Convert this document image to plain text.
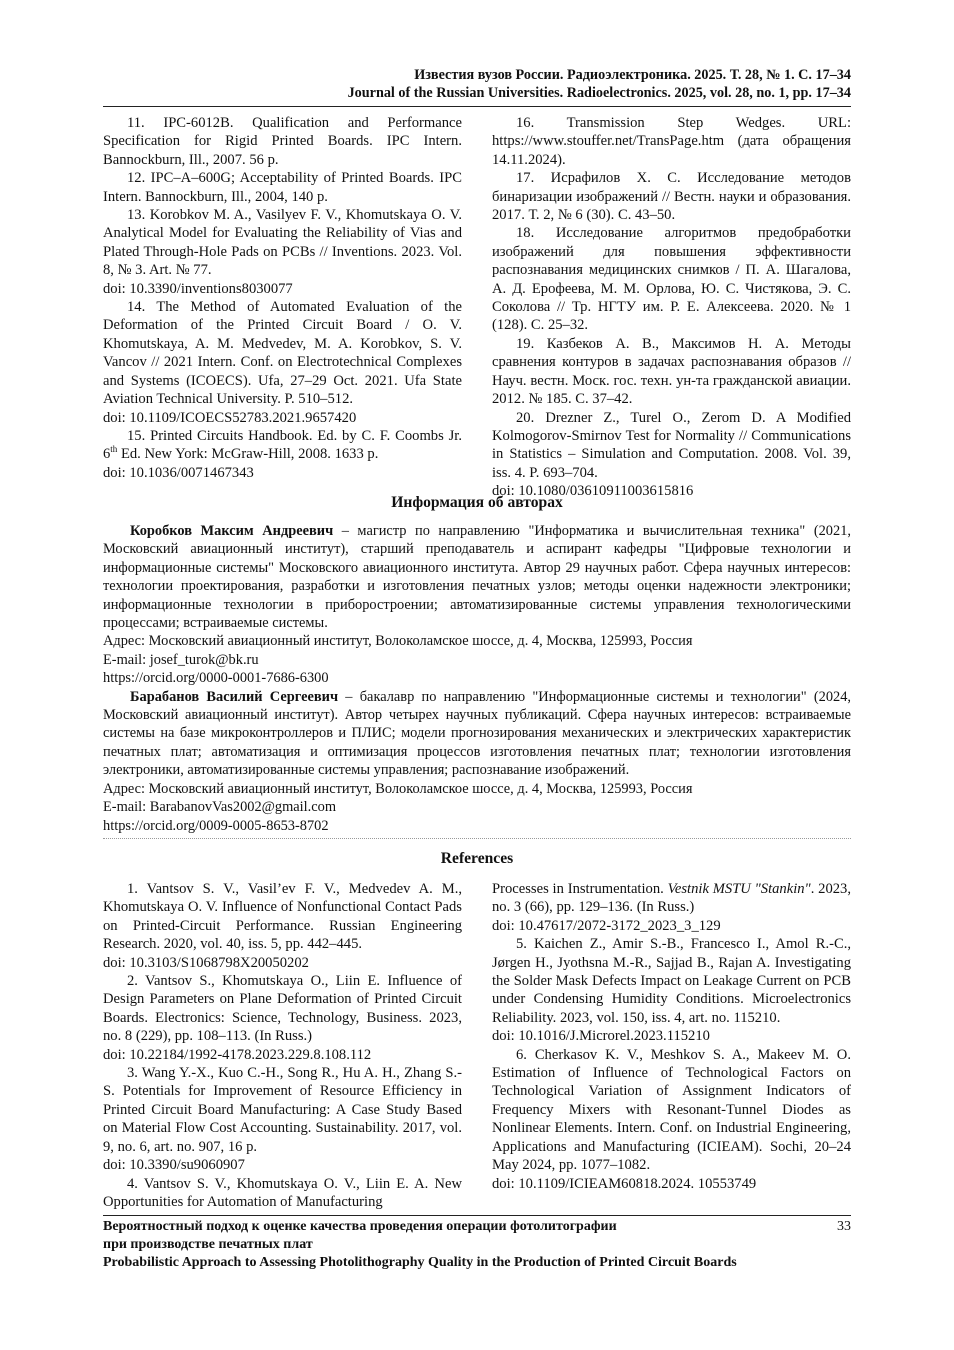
Известия вузов России. Радиоэлектроника. 2025. Т. 28, № 1. С. 17–34
Journal of the Russian Universities. Radioelectronics. 2025, vol. 28, no. 1, pp. 17–34

11. IPC-6012B. Qualification and Performance Specification for Rigid Printed Boards. IPC Intern. Bannockburn, Ill., 2007. 56 p.

12. IPC–A–600G; Acceptability of Printed Boards. IPC Intern. Bannockburn, Ill., 2004, 140 p.

13. Korobkov M. A., Vasilyev F. V., Khomutskaya O. V. Analytical Model for Evaluating the Reliability of Vias and Plated Through-Hole Pads on PCBs // Inventions. 2023. Vol. 8, № 3. Art. № 77.

doi: 10.3390/inventions8030077

14. The Method of Automated Evaluation of the Deformation of the Printed Circuit Board / O. V. Khomutskaya, A. M. Medvedev, M. A. Korobkov, S. V. Vancov // 2021 Intern. Conf. on Electrotechnical Complexes and Systems (ICOECS). Ufa, 27–29 Oct. 2021. Ufa State Aviation Technical University. P. 510–512.

doi: 10.1109/ICOECS52783.2021.9657420

15. Printed Circuits Handbook. Ed. by C. F. Coombs Jr. 6th Ed. New York: McGraw-Hill, 2008. 1633 p.

doi: 10.1036/0071467343

16. Transmission Step Wedges. URL: https://www.stouffer.net/TransPage.htm (дата обращения 14.11.2024).

17. Исрафилов Х. С. Исследование методов бинаризации изображений // Вестн. науки и образования. 2017. Т. 2, № 6 (30). С. 43–50.

18. Исследование алгоритмов предобработки изображений для повышения эффективности распознавания медицинских снимков / П. А. Шагалова, А. Д. Ерофеева, М. М. Орлова, Ю. С. Чистякова, Э. С. Соколова // Тр. НГТУ им. Р. Е. Алексеева. 2020. № 1 (128). С. 25–32.

19. Казбеков А. В., Максимов Н. А. Методы сравнения контуров в задачах распознавания образов // Науч. вестн. Моск. гос. техн. ун-та гражданской авиации. 2012. № 185. С. 37–42.

20. Drezner Z., Turel O., Zerom D. A Modified Kolmogorov-Smirnov Test for Normality // Communications in Statistics – Simulation and Computation. 2008. Vol. 39, iss. 4. P. 693–704.

doi: 10.1080/03610911003615816

Информация об авторах

Коробков Максим Андреевич – магистр по направлению "Информатика и вычислительная техника" (2021, Московский авиационный институт), старший преподаватель и аспирант кафедры "Цифровые технологии и информационные системы" Московского авиационного института. Автор 29 научных работ. Сфера научных интересов: технологии проектирования, разработки и изготовления печатных узлов; методы оценки надежности электроники; информационные технологии в приборостроении; автоматизированные системы управления технологическими процессами; встраиваемые системы.

Адрес: Московский авиационный институт, Волоколамское шоссе, д. 4, Москва, 125993, Россия

E-mail: josef_turok@bk.ru

https://orcid.org/0000-0001-7686-6300

Барабанов Василий Сергеевич – бакалавр по направлению "Информационные системы и технологии" (2024, Московский авиационный институт). Автор четырех научных публикаций. Сфера научных интересов: встраиваемые системы на базе микроконтроллеров и ПЛИС; модели прогнозирования механических и электрических характеристик печатных плат; автоматизация и оптимизация процессов изготовления печатных плат; технологии изготовления электроники, автоматизированные системы управления; распознавание изображений.

Адрес: Московский авиационный институт, Волоколамское шоссе, д. 4, Москва, 125993, Россия

E-mail: BarabanovVas2002@gmail.com

https://orcid.org/0009-0005-8653-8702

References

1. Vantsov S. V., Vasil’ev F. V., Medvedev A. M., Khomutskaya O. V. Influence of Nonfunctional Contact Pads on Printed-Circuit Performance. Russian Engineering Research. 2020, vol. 40, iss. 5, pp. 442–445.

doi: 10.3103/S1068798X20050202

2. Vantsov S., Khomutskaya O., Liin E. Influence of Design Parameters on Plane Deformation of Printed Circuit Boards. Electronics: Science, Technology, Business. 2023, no. 8 (229), pp. 108–113. (In Russ.)

doi: 10.22184/1992-4178.2023.229.8.108.112

3. Wang Y.-X., Kuo C.-H., Song R., Hu A. H., Zhang S.-S. Potentials for Improvement of Resource Efficiency in Printed Circuit Board Manufacturing: A Case Study Based on Material Flow Cost Accounting. Sustainability. 2017, vol. 9, no. 6, art. no. 907, 16 p.

doi: 10.3390/su9060907

4. Vantsov S. V., Khomutskaya O. V., Liin E. A. New Opportunities for Automation of Manufacturing

Processes in Instrumentation. Vestnik MSTU "Stankin". 2023, no. 3 (66), pp. 129–136. (In Russ.)

doi: 10.47617/2072-3172_2023_3_129

5. Kaichen Z., Amir S.-B., Francesco I., Amol R.-C., Jørgen H., Jyothsna M.-R., Sajjad B., Rajan A. Investigating the Solder Mask Defects Impact on Leakage Current on PCB under Condensing Humidity Conditions. Microelectronics Reliability. 2023, vol. 150, iss. 4, art. no. 115210.

doi: 10.1016/J.Microrel.2023.115210

6. Cherkasov K. V., Meshkov S. A., Makeev M. O. Estimation of Influence of Technological Factors on Technological Variation of Assignment Indicators of Frequency Mixers with Resonant-Tunnel Diodes as Nonlinear Elements. Intern. Conf. on Industrial Engineering, Applications and Manufacturing (ICIEAM). Sochi, 20–24 May 2024, pp. 1077–1082.

doi: 10.1109/ICIEAM60818.2024. 10553749

Вероятностный подход к оценке качества проведения операции фотолитографии
при производстве печатных плат
Probabilistic Approach to Assessing Photolithography Quality in the Production of Printed Circuit Boards
33
